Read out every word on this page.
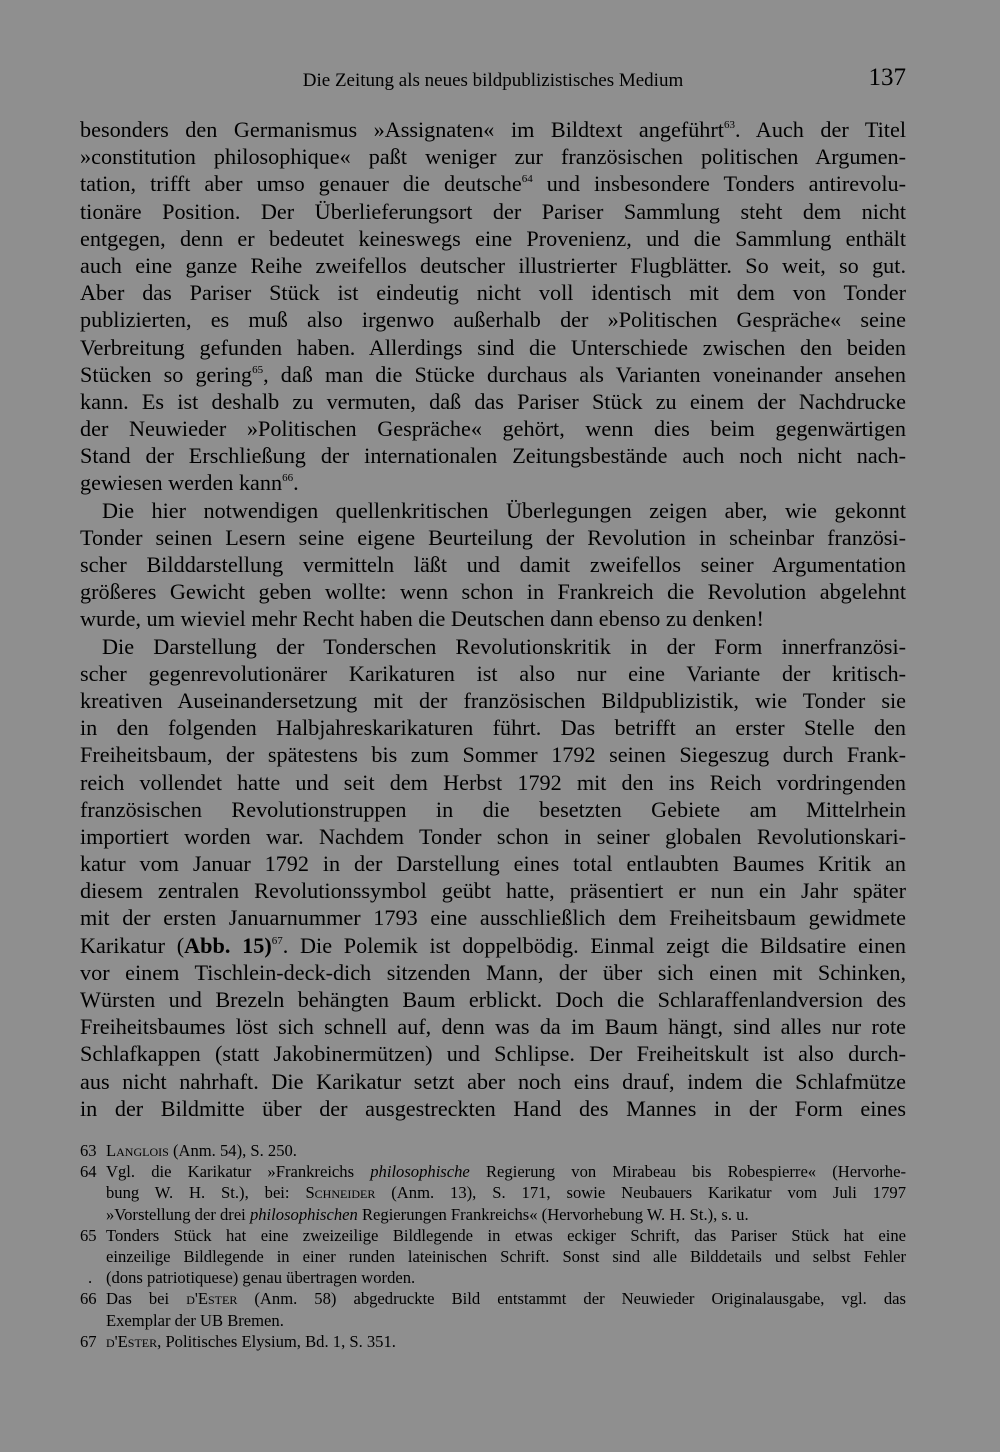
Die Zeitung als neues bildpublizistisches Medium	137
besonders den Germanismus »Assignaten« im Bildtext angeführt$^{63}$. Auch der Titel
»constitution philosophique« paßt weniger zur französischen politischen Argumen-
tation, trifft aber umso genauer die deutsche$^{64}$ und insbesondere Tonders antirevolu-
tionäre Position. Der Überlieferungsort der Pariser Sammlung steht dem nicht
entgegen, denn er bedeutet keineswegs eine Provenienz, und die Sammlung enthält
auch eine ganze Reihe zweifellos deutscher illustrierter Flugblätter. So weit, so gut.
Aber das Pariser Stück ist eindeutig nicht voll identisch mit dem von Tonder
publizierten, es muß also irgenwo außerhalb der »Politischen Gespräche« seine
Verbreitung gefunden haben. Allerdings sind die Unterschiede zwischen den beiden
Stücken so gering$^{65}$, daß man die Stücke durchaus als Varianten voneinander ansehen
kann. Es ist deshalb zu vermuten, daß das Pariser Stück zu einem der Nachdrucke
der Neuwieder »Politischen Gespräche« gehört, wenn dies beim gegenwärtigen
Stand der Erschließung der internationalen Zeitungsbestände auch noch nicht nach-
gewiesen werden kann$^{66}$.
Die hier notwendigen quellenkritischen Überlegungen zeigen aber, wie gekonnt
Tonder seinen Lesern seine eigene Beurteilung der Revolution in scheinbar französi-
scher Bilddarstellung vermitteln läßt und damit zweifellos seiner Argumentation
größeres Gewicht geben wollte: wenn schon in Frankreich die Revolution abgelehnt
wurde, um wieviel mehr Recht haben die Deutschen dann ebenso zu denken!
Die Darstellung der Tonderschen Revolutionskritik in der Form innerfranzösi-
scher gegenrevolutionärer Karikaturen ist also nur eine Variante der kritisch-
kreativen Auseinandersetzung mit der französischen Bildpublizistik, wie Tonder sie
in den folgenden Halbjahreskarikaturen führt. Das betrifft an erster Stelle den
Freiheitsbaum, der spätestens bis zum Sommer 1792 seinen Siegeszug durch Frank-
reich vollendet hatte und seit dem Herbst 1792 mit den ins Reich vordringenden
französischen Revolutionstruppen in die besetzten Gebiete am Mittelrhein
importiert worden war. Nachdem Tonder schon in seiner globalen Revolutionskari-
katur vom Januar 1792 in der Darstellung eines total entlaubten Baumes Kritik an
diesem zentralen Revolutionssymbol geübt hatte, präsentiert er nun ein Jahr später
mit der ersten Januarnummer 1793 eine ausschließlich dem Freiheitsbaum gewidmete
Karikatur (Abb. 15)$^{67}$. Die Polemik ist doppelbödig. Einmal zeigt die Bildsatire einen
vor einem Tischlein-deck-dich sitzenden Mann, der über sich einen mit Schinken,
Würsten und Brezeln behängten Baum erblickt. Doch die Schlaraffenlandversion des
Freiheitsbaumes löst sich schnell auf, denn was da im Baum hängt, sind alles nur rote
Schlafkappen (statt Jakobinermützen) und Schlipse. Der Freiheitskult ist also durch-
aus nicht nahrhaft. Die Karikatur setzt aber noch eins drauf, indem die Schlafmütze
in der Bildmitte über der ausgestreckten Hand des Mannes in der Form eines
63 Langlois (Anm. 54), S. 250.
64 Vgl. die Karikatur »Frankreichs philosophische Regierung von Mirabeau bis Robespierre« (Hervorhe-
bung W. H. St.), bei: Schneider (Anm. 13), S. 171, sowie Neubauers Karikatur vom Juli 1797
»Vorstellung der drei philosophischen Regierungen Frankreichs« (Hervorhebung W. H. St.), s. u.
65 Tonders Stück hat eine zweizeilige Bildlegende in etwas eckiger Schrift, das Pariser Stück hat eine
einzeilige Bildlegende in einer runden lateinischen Schrift. Sonst sind alle Bilddetails und selbst Fehler
. (dons patriotiquese) genau übertragen worden.
66 Das bei d'Ester (Anm. 58) abgedruckte Bild entstammt der Neuwieder Originalausgabe, vgl. das
Exemplar der UB Bremen.
67 d'Ester, Politisches Elysium, Bd. 1, S. 351.
